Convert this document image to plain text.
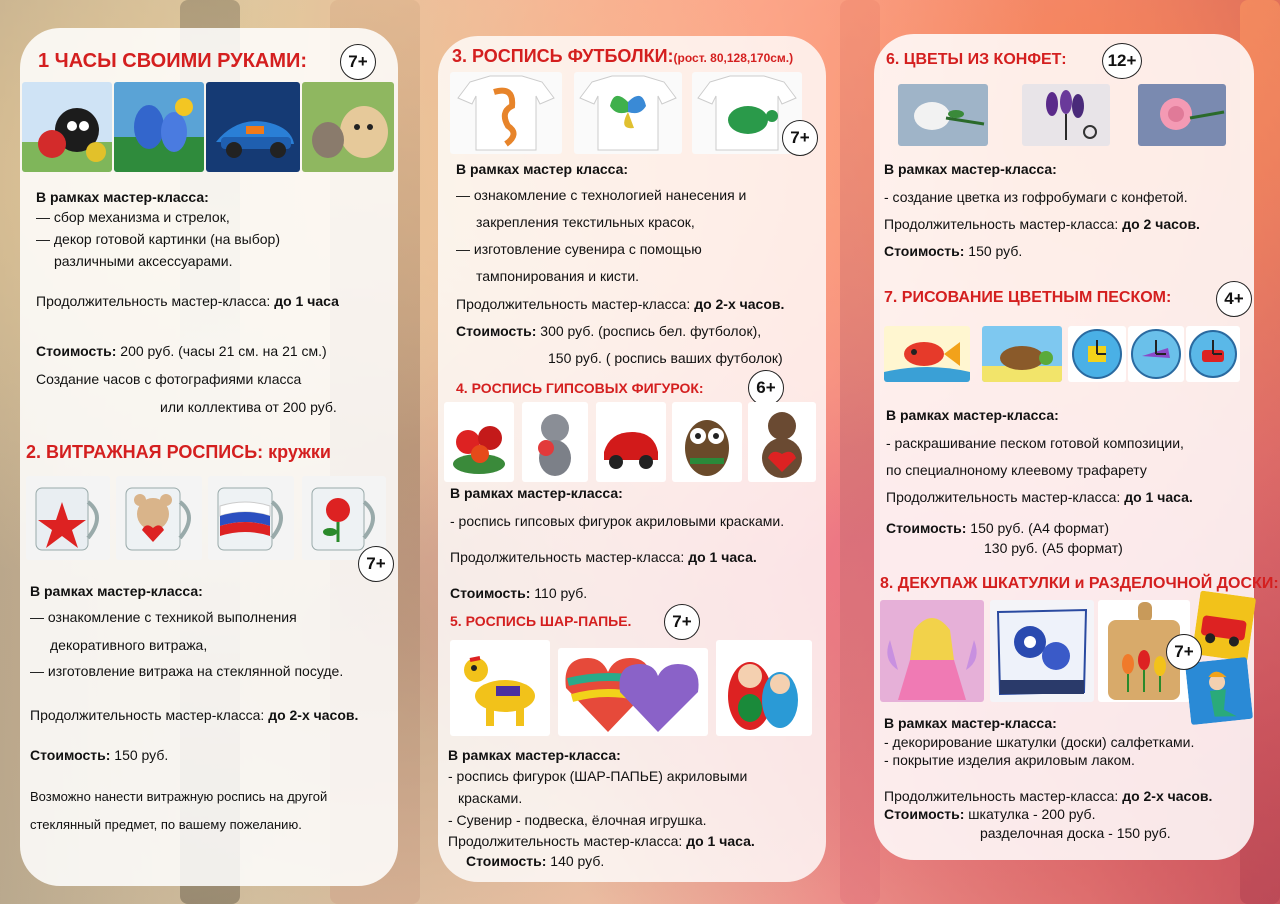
1 ЧАСЫ СВОИМИ РУКАМИ:	7+
В рамках мастер-класса:
— сбор механизма и стрелок,
— декор готовой картинки (на выбор)
различными аксессуарами.
Продолжительность мастер-класса: до 1 часа
Стоимость: 200 руб. (часы 21 см. на 21 см.)
Создание часов с фотографиями класса
или коллектива от 200 руб.
2. ВИТРАЖНАЯ РОСПИСЬ: кружки
7+
В рамках мастер-класса:
— ознакомление с техникой выполнения
декоративного витража,
— изготовление витража на стеклянной посуде.
Продолжительность мастер-класса: до 2-х часов.
Стоимость: 150 руб.
Возможно нанести витражную роспись на другой
стеклянный предмет, по вашему пожеланию.
3. РОСПИСЬ ФУТБОЛКИ:(рост. 80,128,170см.)
7+
В рамках мастер класса:
— ознакомление с технологией нанесения и
закрепления текстильных красок,
— изготовление сувенира с помощью
тампонирования и кисти.
Продолжительность мастер-класса: до 2-х часов.
Стоимость: 300 руб. (роспись бел. футболок),
150 руб. ( роспись ваших футболок)
4. РОСПИСЬ ГИПСОВЫХ ФИГУРОК:	6+
В рамках мастер-класса:
- роспись гипсовых фигурок акриловыми красками.
Продолжительность мастер-класса: до 1 часа.
Стоимость: 110 руб.
5. РОСПИСЬ ШАР-ПАПЬЕ.	7+
В рамках мастер-класса:
- роспись фигурок (ШАР-ПАПЬЕ) акриловыми
красками.
- Сувенир - подвеска, ёлочная игрушка.
Продолжительность мастер-класса: до 1 часа.
Стоимость: 140 руб.
6. ЦВЕТЫ ИЗ КОНФЕТ:	12+
В рамках мастер-класса:
- создание цветка из гофробумаги с конфетой.
Продолжительность мастер-класса: до 2 часов.
Стоимость: 150 руб.
7. РИСОВАНИЕ ЦВЕТНЫМ ПЕСКОМ:	4+
В рамках мастер-класса:
- раскрашивание песком готовой композиции,
по специалноному клеевому трафарету
Продолжительность мастер-класса: до 1 часа.
Стоимость: 150 руб. (А4 формат)
130 руб. (А5 формат)
8. ДЕКУПАЖ ШКАТУЛКИ и РАЗДЕЛОЧНОЙ ДОСКИ:
7+
В рамках мастер-класса:
- декорирование шкатулки (доски) салфетками.
- покрытие изделия акриловым лаком.
Продолжительность мастер-класса: до 2-х часов.
Стоимость: шкатулка - 200 руб.
разделочная доска - 150 руб.
